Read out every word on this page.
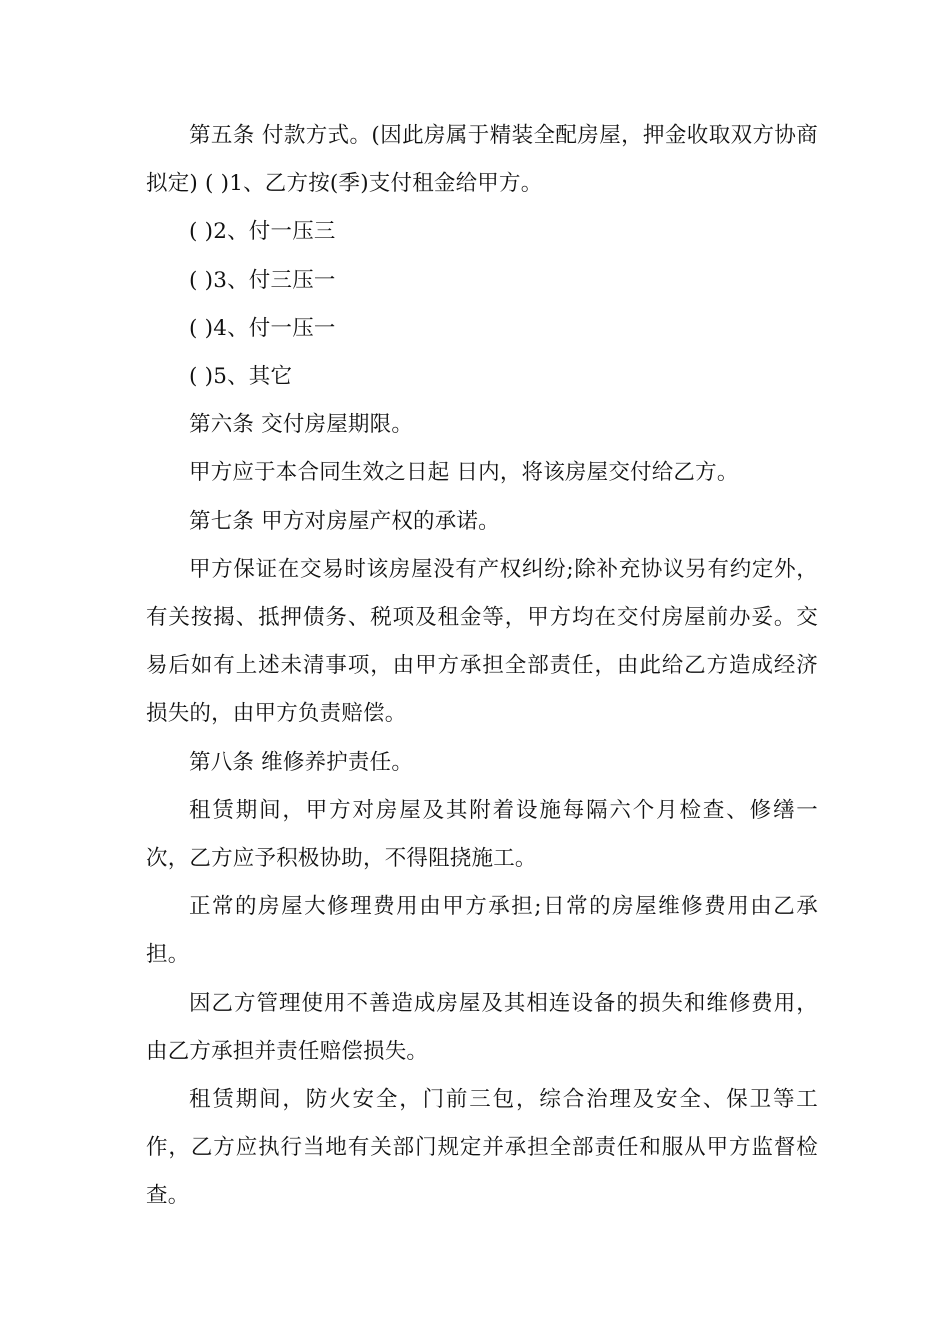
第五条 付款方式。(因此房属于精装全配房屋，押金收取双方协商拟定) ( )1、乙方按(季)支付租金给甲方。

( )2、付一压三

( )3、付三压一

( )4、付一压一

( )5、其它

第六条 交付房屋期限。

甲方应于本合同生效之日起 日内，将该房屋交付给乙方。

第七条 甲方对房屋产权的承诺。

甲方保证在交易时该房屋没有产权纠纷;除补充协议另有约定外，有关按揭、抵押债务、税项及租金等，甲方均在交付房屋前办妥。交易后如有上述未清事项，由甲方承担全部责任，由此给乙方造成经济损失的，由甲方负责赔偿。

第八条 维修养护责任。

租赁期间，甲方对房屋及其附着设施每隔六个月检查、修缮一次，乙方应予积极协助，不得阻挠施工。

正常的房屋大修理费用由甲方承担;日常的房屋维修费用由乙承担。

因乙方管理使用不善造成房屋及其相连设备的损失和维修费用，由乙方承担并责任赔偿损失。

租赁期间，防火安全，门前三包，综合治理及安全、保卫等工作，乙方应执行当地有关部门规定并承担全部责任和服从甲方监督检查。
